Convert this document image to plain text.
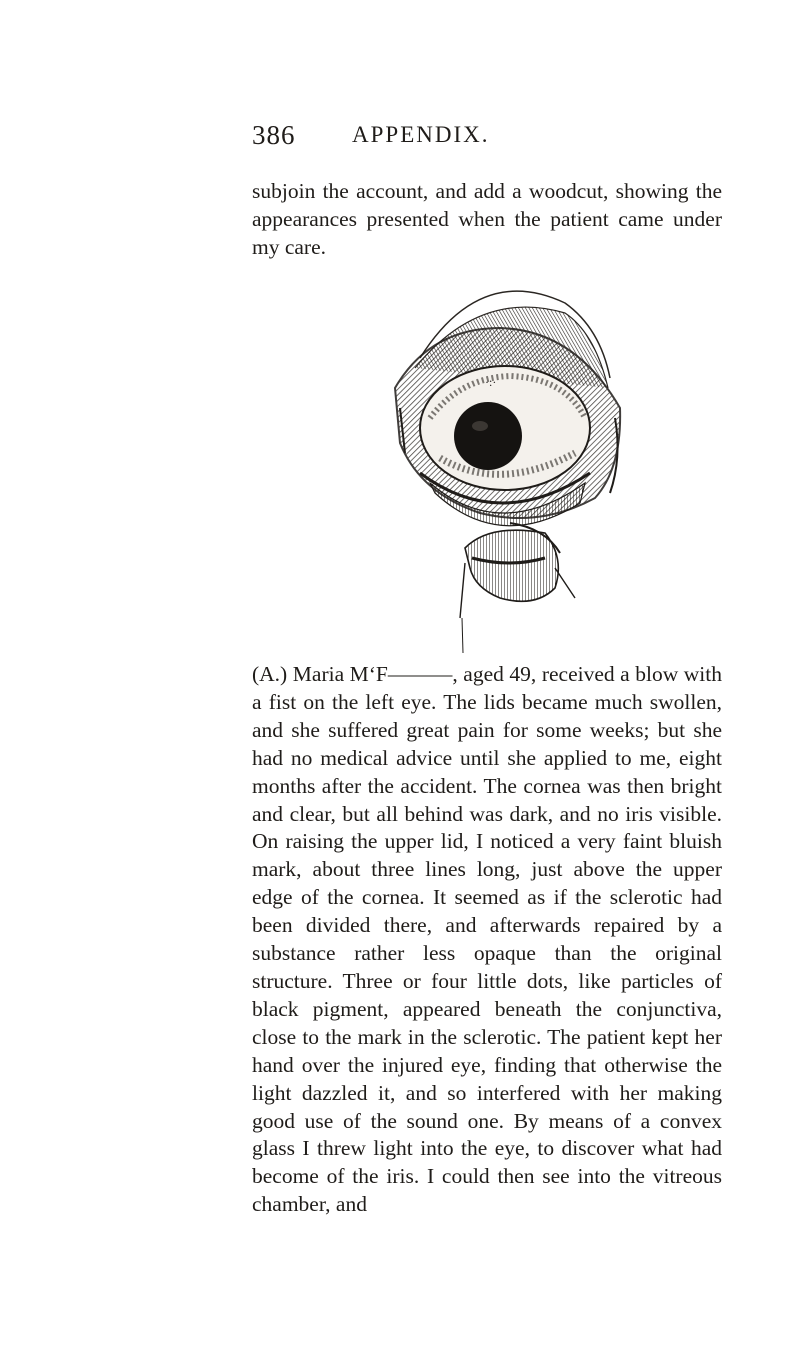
386 APPENDIX.

subjoin the account, and add a woodcut, showing the appearances presented when the patient came under my care.

·:·

(A.) Maria M‘F———, aged 49, received a blow with a fist on the left eye. The lids became much swollen, and she suffered great pain for some weeks; but she had no medical advice until she applied to me, eight months after the accident. The cornea was then bright and clear, but all behind was dark, and no iris visible. On raising the upper lid, I noticed a very faint bluish mark, about three lines long, just above the upper edge of the cornea. It seemed as if the sclerotic had been divided there, and afterwards repaired by a substance rather less opaque than the original structure. Three or four little dots, like particles of black pigment, appeared beneath the conjunctiva, close to the mark in the sclerotic. The patient kept her hand over the injured eye, finding that otherwise the light dazzled it, and so interfered with her making good use of the sound one. By means of a convex glass I threw light into the eye, to discover what had become of the iris. I could then see into the vitreous chamber, and
